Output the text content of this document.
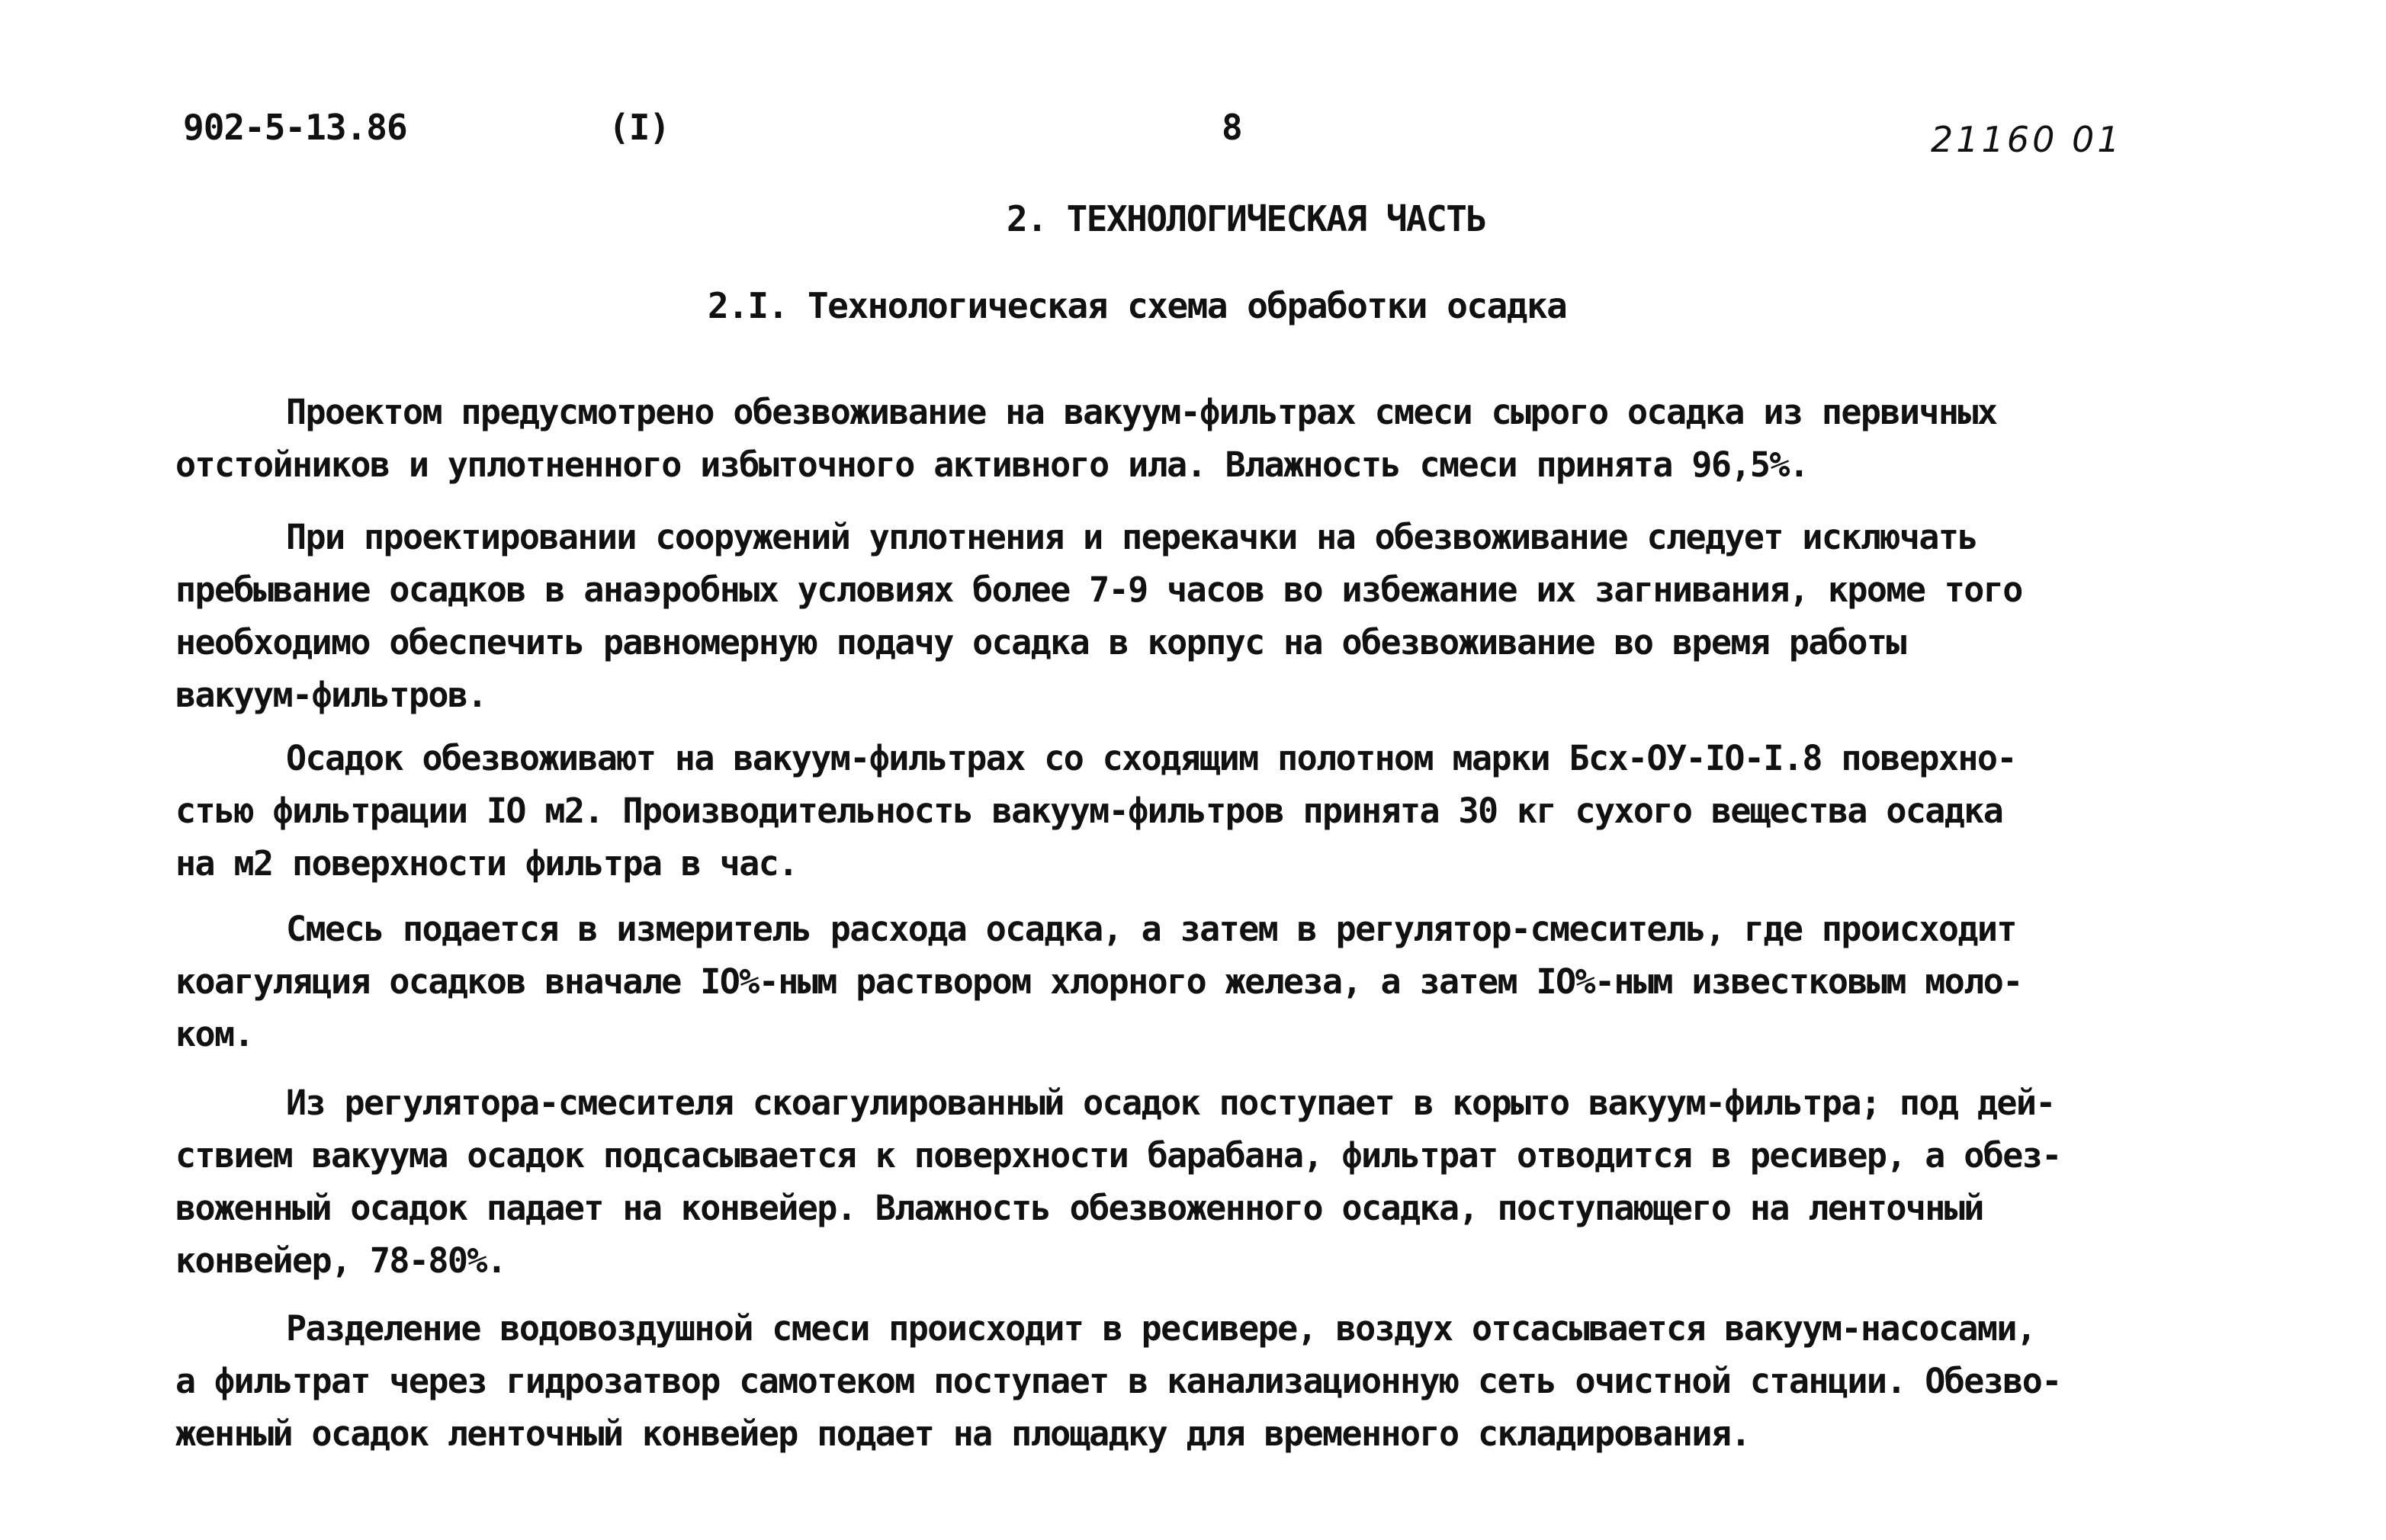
902-5-13.86	(I)	8	21160 01
2. ТЕХНОЛОГИЧЕСКАЯ ЧАСТЬ
2.I. Технологическая схема обработки осадка
Проектом предусмотрено обезвоживание на вакуум-фильтрах смеси сырого осадка из первичных
отстойников и уплотненного избыточного активного ила. Влажность смеси принята 96,5%.
При проектировании сооружений уплотнения и перекачки на обезвоживание следует исключать
пребывание осадков в анаэробных условиях более 7-9 часов во избежание их загнивания, кроме того
необходимо обеспечить равномерную подачу осадка в корпус на обезвоживание во время работы
вакуум-фильтров.
Осадок обезвоживают на вакуум-фильтрах со сходящим полотном марки Бсх-ОУ-IO-I.8 поверхно-
стью фильтрации IO м2. Производительность вакуум-фильтров принята 30 кг сухого вещества осадка
на м2 поверхности фильтра в час.
Смесь подается в измеритель расхода осадка, а затем в регулятор-смеситель, где происходит
коагуляция осадков вначале IO%-ным раствором хлорного железа, а затем IO%-ным известковым моло-
ком.
Из регулятора-смесителя скоагулированный осадок поступает в корыто вакуум-фильтра; под дей-
ствием вакуума осадок подсасывается к поверхности барабана, фильтрат отводится в ресивер, а обез-
воженный осадок падает на конвейер. Влажность обезвоженного осадка, поступающего на ленточный
конвейер, 78-80%.
Разделение водовоздушной смеси происходит в ресивере, воздух отсасывается вакуум-насосами,
а фильтрат через гидрозатвор самотеком поступает в канализационную сеть очистной станции. Обезво-
женный осадок ленточный конвейер подает на площадку для временного складирования.
